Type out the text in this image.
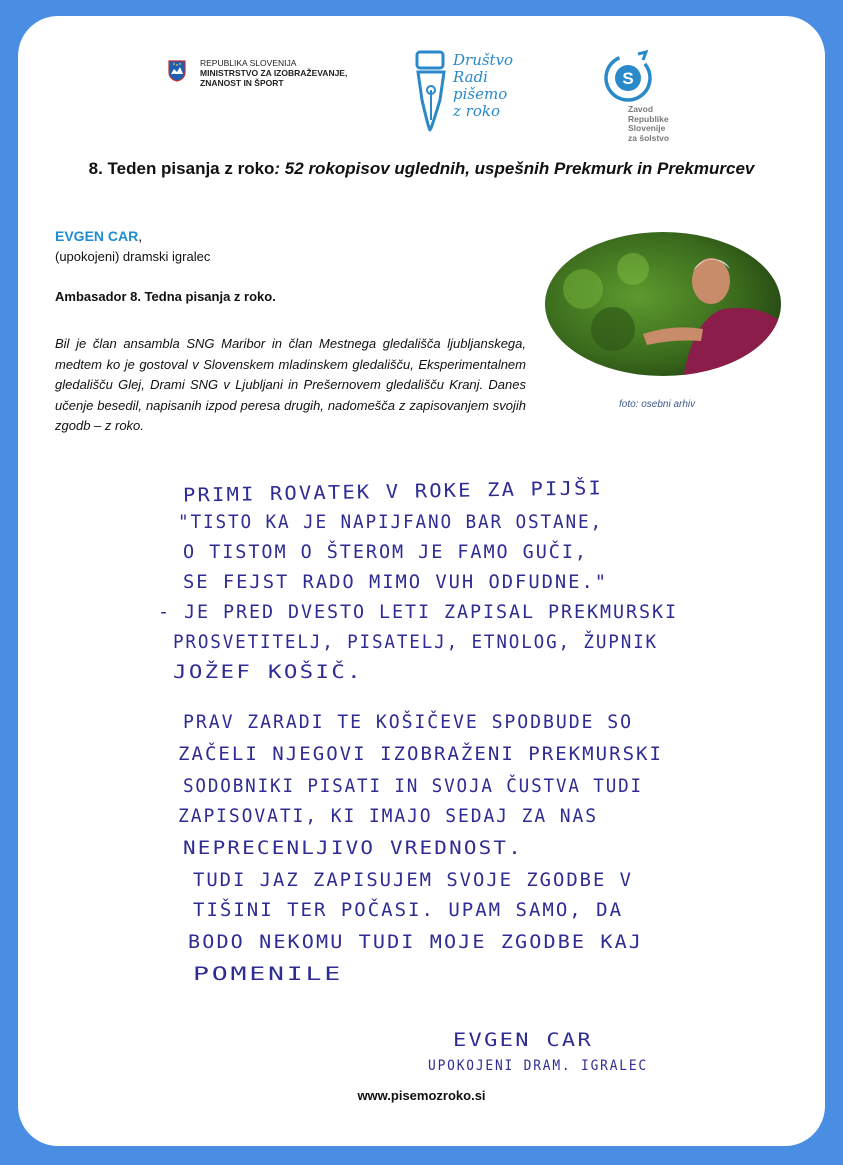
REPUBLIKA SLOVENIJA
MINISTRSTVO ZA IZOBRAŽEVANJE,
ZNANOST IN ŠPORT
Društvo
Radi
pišemo
z roko
S
Zavod
Republike
Slovenije
za šolstvo
8. Teden pisanja z roko: 52 rokopisov uglednih, uspešnih Prekmurk in Prekmurcev
EVGEN CAR,
(upokojeni) dramski igralec
Ambasador 8. Tedna pisanja z roko.
Bil je član ansambla SNG Maribor in član Mestnega gledališča ljubljanskega, medtem ko je gostoval v Slovenskem mladinskem gledališču, Eksperimentalnem gledališču Glej, Drami SNG v Ljubljani in Prešernovem gledališču Kranj. Danes učenje besedil, napisanih izpod peresa drugih, nadomešča z zapisovanjem svojih zgodb – z roko.
foto: osebni arhiv
PRIMI ROVATEK V ROKE ZA PIJŠI
"TISTO KA JE NAPIJFANO BAR OSTANE,
O TISTOM O ŠTEROM JE FAMO GUČI,
SE FEJST RADO MIMO VUH ODFUDNE."
- JE PRED DVESTO LETI ZAPISAL PREKMURSKI
PROSVETITELJ, PISATELJ, ETNOLOG, ŽUPNIK
JOŽEF KOŠIČ.
PRAV ZARADI TE KOŠIČEVE SPODBUDE SO
ZAČELI NJEGOVI IZOBRAŽENI PREKMURSKI
SODOBNIKI PISATI IN SVOJA ČUSTVA TUDI
ZAPISOVATI, KI IMAJO SEDAJ ZA NAS
NEPRECENLJIVO VREDNOST.
TUDI JAZ ZAPISUJEM SVOJE ZGODBE V
TIŠINI TER POČASI. UPAM SAMO, DA
BODO NEKOMU TUDI MOJE ZGODBE KAJ
POMENILE
EVGEN CAR
UPOKOJENI DRAM. IGRALEC
www.pisemozroko.si
